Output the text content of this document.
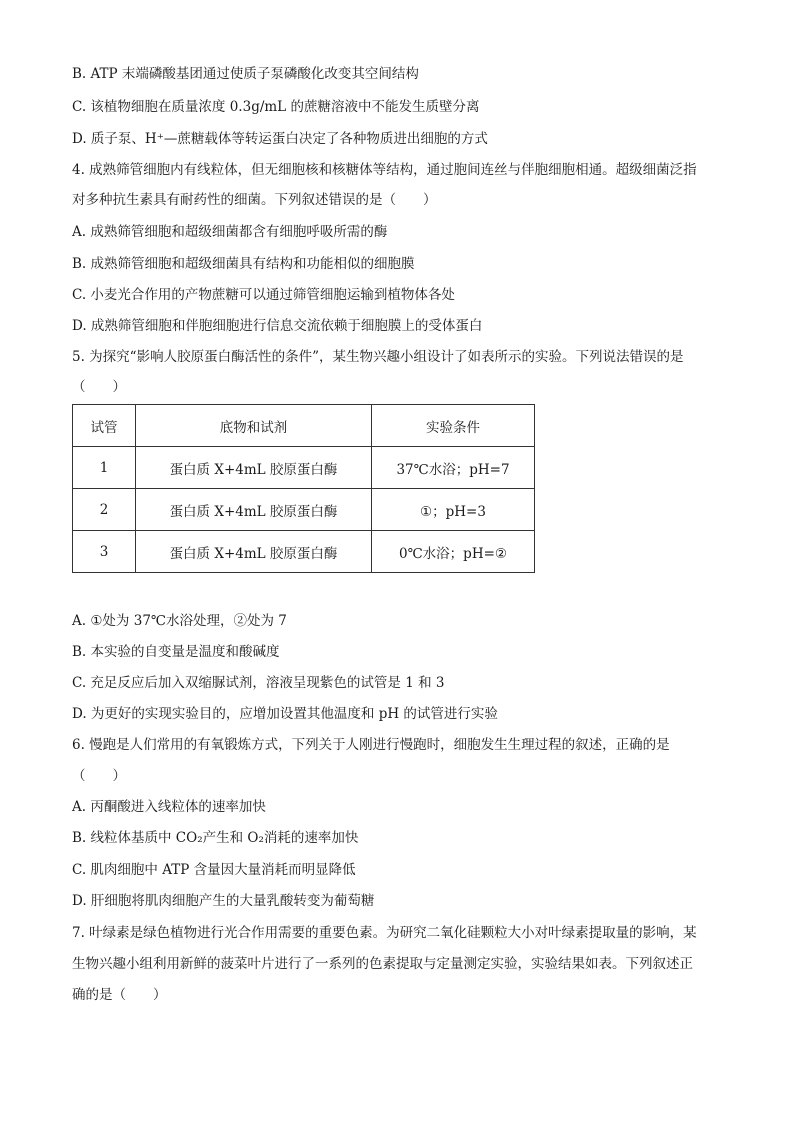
B. ATP 末端磷酸基团通过使质子泵磷酸化改变其空间结构
C. 该植物细胞在质量浓度 0.3g/mL 的蔗糖溶液中不能发生质壁分离
D. 质子泵、H⁺—蔗糖载体等转运蛋白决定了各种物质进出细胞的方式
4. 成熟筛管细胞内有线粒体，但无细胞核和核糖体等结构，通过胞间连丝与伴胞细胞相通。超级细菌泛指
对多种抗生素具有耐药性的细菌。下列叙述错误的是（　　）
A. 成熟筛管细胞和超级细菌都含有细胞呼吸所需的酶
B. 成熟筛管细胞和超级细菌具有结构和功能相似的细胞膜
C. 小麦光合作用的产物蔗糖可以通过筛管细胞运输到植物体各处
D. 成熟筛管细胞和伴胞细胞进行信息交流依赖于细胞膜上的受体蛋白
5. 为探究“影响人胶原蛋白酶活性的条件”，某生物兴趣小组设计了如表所示的实验。下列说法错误的是
（　　）
试管	底物和试剂	实验条件
1	蛋白质 X+4mL 胶原蛋白酶	37℃水浴；pH=7
2	蛋白质 X+4mL 胶原蛋白酶	①；pH=3
3	蛋白质 X+4mL 胶原蛋白酶	0℃水浴；pH=②
A. ①处为 37℃水浴处理，②处为 7
B. 本实验的自变量是温度和酸碱度
C. 充足反应后加入双缩脲试剂，溶液呈现紫色的试管是 1 和 3
D. 为更好的实现实验目的，应增加设置其他温度和 pH 的试管进行实验
6. 慢跑是人们常用的有氧锻炼方式，下列关于人刚进行慢跑时，细胞发生生理过程的叙述，正确的是
（　　）
A. 丙酮酸进入线粒体的速率加快
B. 线粒体基质中 CO₂产生和 O₂消耗的速率加快
C. 肌肉细胞中 ATP 含量因大量消耗而明显降低
D. 肝细胞将肌肉细胞产生的大量乳酸转变为葡萄糖
7. 叶绿素是绿色植物进行光合作用需要的重要色素。为研究二氧化硅颗粒大小对叶绿素提取量的影响，某
生物兴趣小组利用新鲜的菠菜叶片进行了一系列的色素提取与定量测定实验，实验结果如表。下列叙述正
确的是（　　）
